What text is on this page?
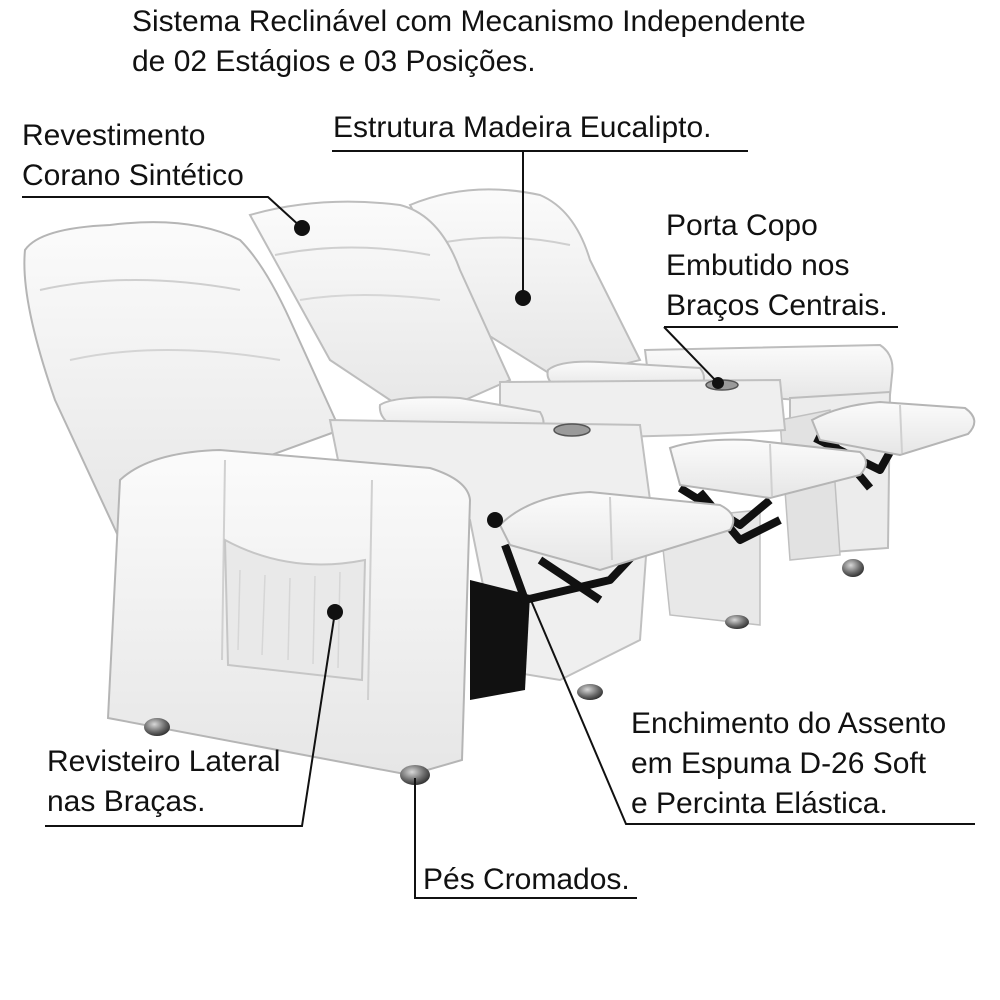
Sistema Reclinável com Mecanismo Independente
de 02 Estágios e 03 Posições.
Revestimento
Corano Sintético
Estrutura Madeira Eucalipto.
Porta Copo
Embutido nos
Braços Centrais.
Enchimento do Assento
em Espuma D-26 Soft
e Percinta Elástica.
Revisteiro Lateral
nas Braças.
Pés Cromados.
